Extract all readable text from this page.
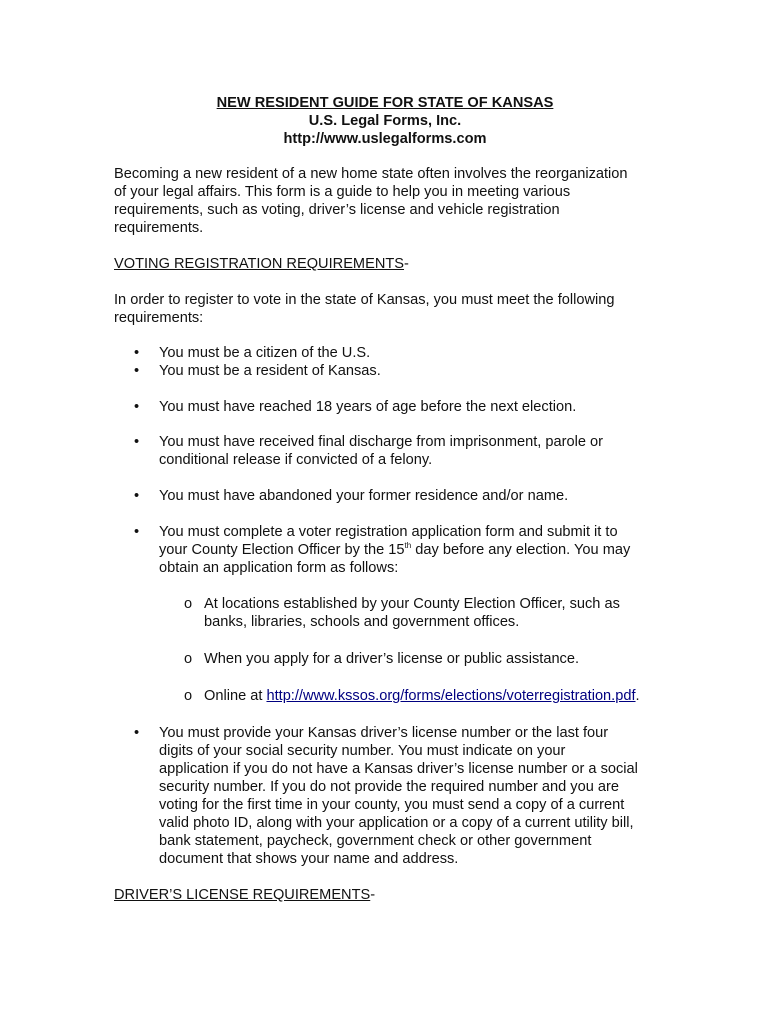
NEW RESIDENT GUIDE FOR STATE OF KANSAS
U.S. Legal Forms, Inc.
http://www.uslegalforms.com
Becoming a new resident of a new home state often involves the reorganization
of your legal affairs. This form is a guide to help you in meeting various
requirements, such as voting, driver’s license and vehicle registration
requirements.
VOTING REGISTRATION REQUIREMENTS-
In order to register to vote in the state of Kansas, you must meet the following
requirements:
• You must be a citizen of the U.S.
• You must be a resident of Kansas.
• You must have reached 18 years of age before the next election.
• You must have received final discharge from imprisonment, parole or
conditional release if convicted of a felony.
• You must have abandoned your former residence and/or name.
• You must complete a voter registration application form and submit it to
your County Election Officer by the 15th day before any election. You may
obtain an application form as follows:
o At locations established by your County Election Officer, such as
banks, libraries, schools and government offices.
o When you apply for a driver’s license or public assistance.
o Online at http://www.kssos.org/forms/elections/voterregistration.pdf.
• You must provide your Kansas driver’s license number or the last four
digits of your social security number. You must indicate on your
application if you do not have a Kansas driver’s license number or a social
security number. If you do not provide the required number and you are
voting for the first time in your county, you must send a copy of a current
valid photo ID, along with your application or a copy of a current utility bill,
bank statement, paycheck, government check or other government
document that shows your name and address.
DRIVER’S LICENSE REQUIREMENTS-
